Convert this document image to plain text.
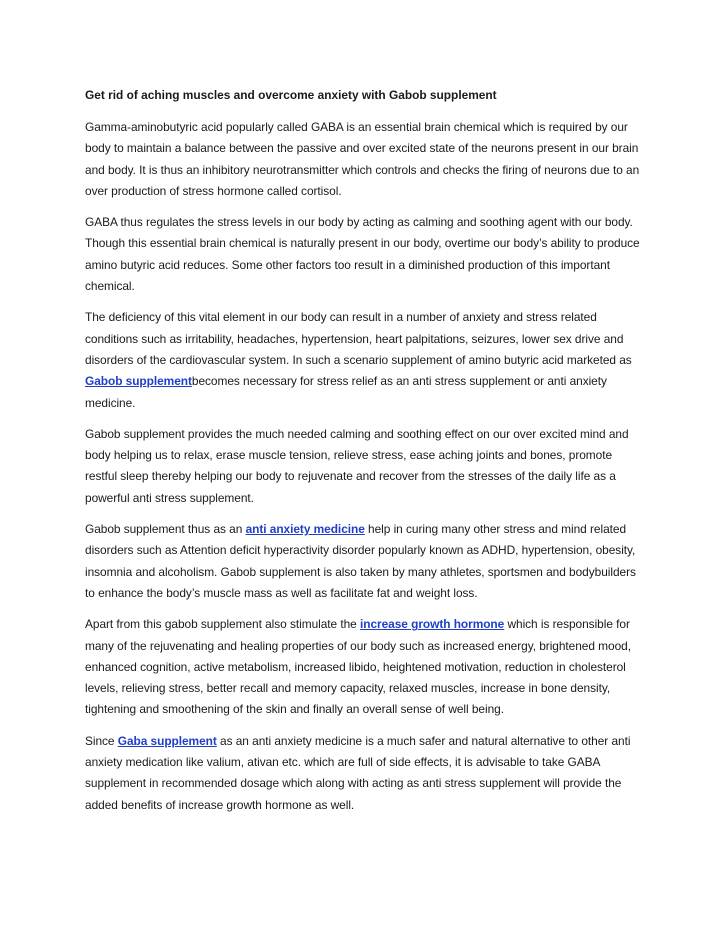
Get rid of aching muscles and overcome anxiety with Gabob supplement

Gamma-aminobutyric acid popularly called GABA is an essential brain chemical which is required by our body to maintain a balance between the passive and over excited state of the neurons present in our brain and body. It is thus an inhibitory neurotransmitter which controls and checks the firing of neurons due to an over production of stress hormone called cortisol.

GABA thus regulates the stress levels in our body by acting as calming and soothing agent with our body. Though this essential brain chemical is naturally present in our body, overtime our body’s ability to produce amino butyric acid reduces. Some other factors too result in a diminished production of this important chemical.

The deficiency of this vital element in our body can result in a number of anxiety and stress related conditions such as irritability, headaches, hypertension, heart palpitations, seizures, lower sex drive and disorders of the cardiovascular system. In such a scenario supplement of amino butyric acid marketed as Gabob supplementbecomes necessary for stress relief as an anti stress supplement or anti anxiety medicine.

Gabob supplement provides the much needed calming and soothing effect on our over excited mind and body helping us to relax, erase muscle tension, relieve stress, ease aching joints and bones, promote restful sleep thereby helping our body to rejuvenate and recover from the stresses of the daily life as a powerful anti stress supplement.

Gabob supplement thus as an anti anxiety medicine help in curing many other stress and mind related disorders such as Attention deficit hyperactivity disorder popularly known as ADHD, hypertension, obesity, insomnia and alcoholism. Gabob supplement is also taken by many athletes, sportsmen and bodybuilders to enhance the body’s muscle mass as well as facilitate fat and weight loss.

Apart from this gabob supplement also stimulate the increase growth hormone which is responsible for many of the rejuvenating and healing properties of our body such as increased energy, brightened mood, enhanced cognition, active metabolism, increased libido, heightened motivation, reduction in cholesterol levels, relieving stress, better recall and memory capacity, relaxed muscles, increase in bone density, tightening and smoothening of the skin and finally an overall sense of well being.

Since Gaba supplement as an anti anxiety medicine is a much safer and natural alternative to other anti anxiety medication like valium, ativan etc. which are full of side effects, it is advisable to take GABA supplement in recommended dosage which along with acting as anti stress supplement will provide the added benefits of increase growth hormone as well.
